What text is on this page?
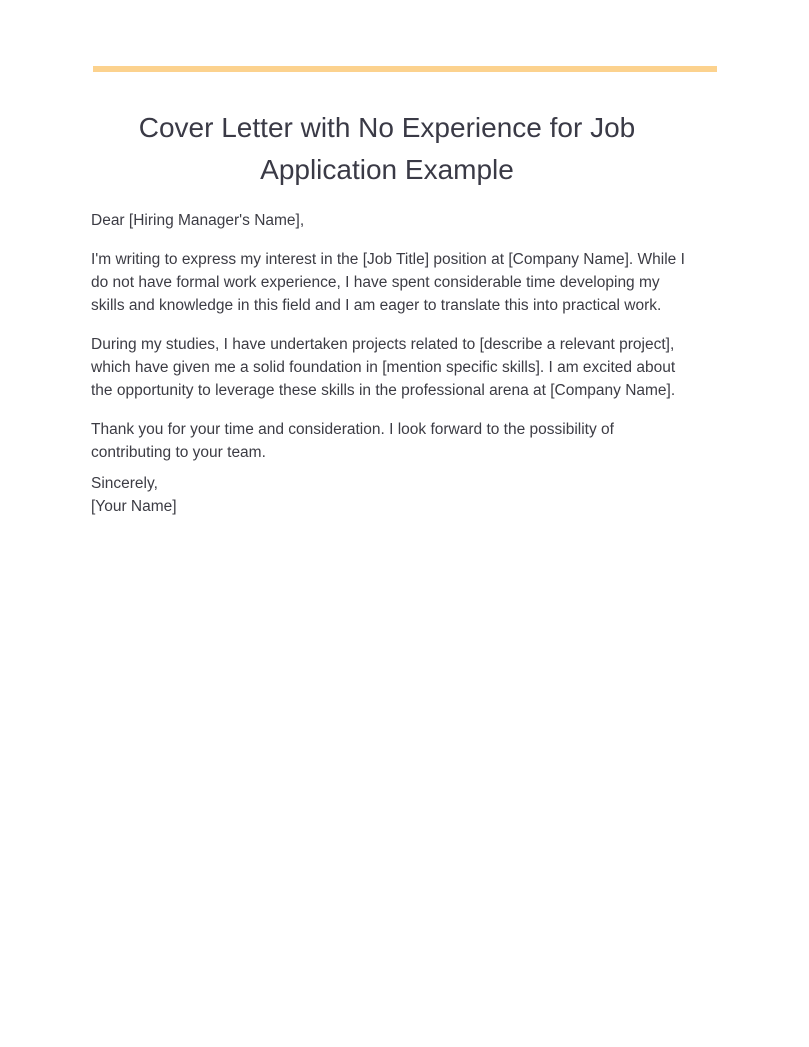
Cover Letter with No Experience for Job Application Example

Dear [Hiring Manager's Name],

I'm writing to express my interest in the [Job Title] position at [Company Name]. While I do not have formal work experience, I have spent considerable time developing my skills and knowledge in this field and I am eager to translate this into practical work.

During my studies, I have undertaken projects related to [describe a relevant project], which have given me a solid foundation in [mention specific skills]. I am excited about the opportunity to leverage these skills in the professional arena at [Company Name].

Thank you for your time and consideration. I look forward to the possibility of contributing to your team.

Sincerely,
[Your Name]
